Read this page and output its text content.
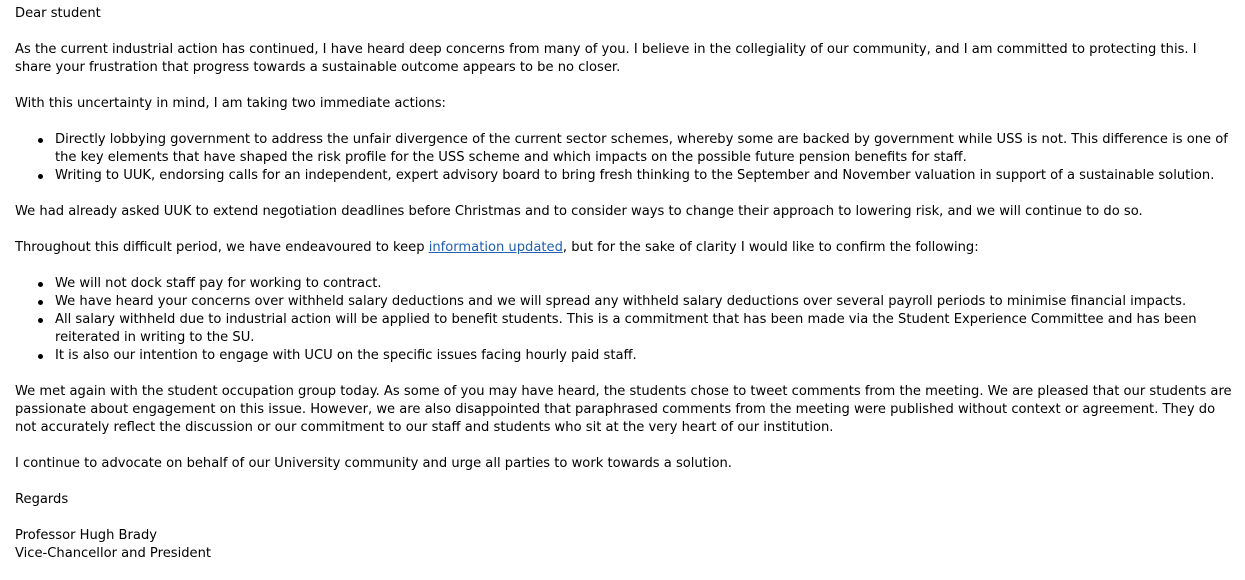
Dear student

As the current industrial action has continued, I have heard deep concerns from many of you. I believe in the collegiality of our community, and I am committed to protecting this. I share your frustration that progress towards a sustainable outcome appears to be no closer.

With this uncertainty in mind, I am taking two immediate actions:

Directly lobbying government to address the unfair divergence of the current sector schemes, whereby some are backed by government while USS is not. This difference is one of the key elements that have shaped the risk profile for the USS scheme and which impacts on the possible future pension benefits for staff.
Writing to UUK, endorsing calls for an independent, expert advisory board to bring fresh thinking to the September and November valuation in support of a sustainable solution.

We had already asked UUK to extend negotiation deadlines before Christmas and to consider ways to change their approach to lowering risk, and we will continue to do so.

Throughout this difficult period, we have endeavoured to keep information updated, but for the sake of clarity I would like to confirm the following:

We will not dock staff pay for working to contract.
We have heard your concerns over withheld salary deductions and we will spread any withheld salary deductions over several payroll periods to minimise financial impacts.
All salary withheld due to industrial action will be applied to benefit students. This is a commitment that has been made via the Student Experience Committee and has been reiterated in writing to the SU.
It is also our intention to engage with UCU on the specific issues facing hourly paid staff.

We met again with the student occupation group today. As some of you may have heard, the students chose to tweet comments from the meeting. We are pleased that our students are passionate about engagement on this issue. However, we are also disappointed that paraphrased comments from the meeting were published without context or agreement. They do not accurately reflect the discussion or our commitment to our staff and students who sit at the very heart of our institution.

I continue to advocate on behalf of our University community and urge all parties to work towards a solution.

Regards

Professor Hugh Brady

Vice-Chancellor and President
